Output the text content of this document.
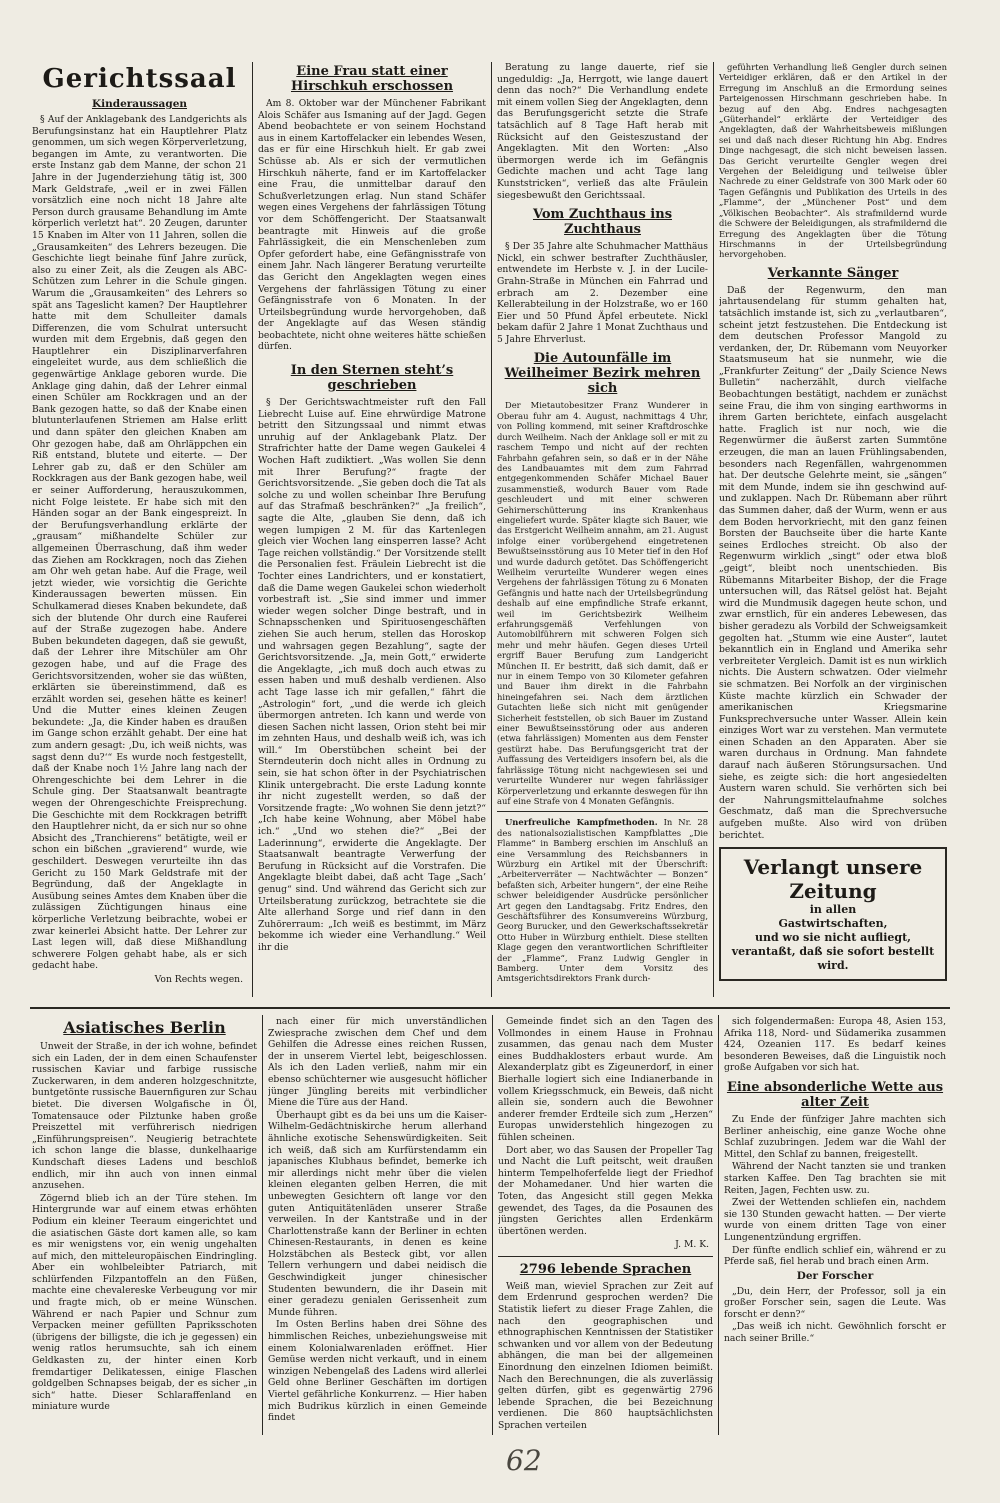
Gerichtssaal
Kinderaussagen

§ Auf der Anklagebank des Landgerichts als Berufungsinstanz hat ein Hauptlehrer Platz genommen, um sich wegen Körperverletzung, begangen im Amte, zu verantworten. Die erste Instanz gab dem Manne, der schon 21 Jahre in der Jugenderziehung tätig ist, 300 Mark Geldstrafe, „weil er in zwei Fällen vorsätzlich eine noch nicht 18 Jahre alte Person durch grausame Behandlung im Amte körperlich verletzt hat“. 20 Zeugen, darunter 15 Knaben im Alter von 11 Jahren, sollen die „Grausamkeiten“ des Lehrers bezeugen. Die Geschichte liegt beinahe fünf Jahre zurück, also zu einer Zeit, als die Zeugen als ABC-Schützen zum Lehrer in die Schule gingen. Warum die „Grausamkeiten“ des Lehrers so spät ans Tageslicht kamen? Der Hauptlehrer hatte mit dem Schulleiter damals Differenzen, die vom Schulrat untersucht wurden mit dem Ergebnis, daß gegen den Hauptlehrer ein Disziplinarverfahren eingeleitet wurde, aus dem schließlich die gegenwärtige Anklage geboren wurde. Die Anklage ging dahin, daß der Lehrer einmal einen Schüler am Rockkragen und an der Bank gezogen hatte, so daß der Knabe einen blutunterlaufenen Striemen am Halse erlitt und dann später den gleichen Knaben am Ohr gezogen habe, daß am Ohrläppchen ein Riß entstand, blutete und eiterte. — Der Lehrer gab zu, daß er den Schüler am Rockkragen aus der Bank gezogen habe, weil er seiner Aufforderung, herauszukommen, nicht Folge leistete. Er habe sich mit den Händen sogar an der Bank eingespreizt. In der Berufungsverhandlung erklärte der „grausam“ mißhandelte Schüler zur allgemeinen Überraschung, daß ihm weder das Ziehen am Rockkragen, noch das Ziehen am Ohr weh getan habe. Auf die Frage, weil jetzt wieder, wie vorsichtig die Gerichte Kinderaussagen bewerten müssen. Ein Schulkamerad dieses Knaben bekundete, daß sich der blutende Ohr durch eine Rauferei auf der Straße zugezogen habe. Andere Buben bekundeten dagegen, daß sie gewußt, daß der Lehrer ihre Mitschüler am Ohr gezogen habe, und auf die Frage des Gerichtsvorsitzenden, woher sie das wüßten, erklärten sie übereinstimmend, daß es erzählt worden sei, gesehen hätte es keiner! Und die Mutter eines kleinen Zeugen bekundete: „Ja, die Kinder haben es draußen im Gange schon erzählt gehabt. Der eine hat zum andern gesagt: ‚Du, ich weiß nichts, was sagst denn du?‘“ Es wurde noch festgestellt, daß der Knabe noch 1½ Jahre lang nach der Ohrengeschichte bei dem Lehrer in die Schule ging. Der Staatsanwalt beantragte wegen der Ohrengeschichte Freisprechung. Die Geschichte mit dem Rockkragen betrifft den Hauptlehrer nicht, da er sich nur so ohne Absicht des „Tranchierens“ betätigte, weil er schon ein bißchen „gravierend“ wurde, wie geschildert. Deswegen verurteilte ihn das Gericht zu 150 Mark Geldstrafe mit der Begründung, daß der Angeklagte in Ausübung seines Amtes dem Knaben über die zulässigen Züchtigungen hinaus eine körperliche Verletzung beibrachte, wobei er zwar keinerlei Absicht hatte. Der Lehrer zur Last legen will, daß diese Mißhandlung schwerere Folgen gehabt habe, als er sich gedacht habe.

Von Rechts wegen.
Eine Frau statt einer Hirschkuh erschossen

Am 8. Oktober war der Münchener Fabrikant Alois Schäfer aus Ismaning auf der Jagd. Gegen Abend beobachtete er von seinem Hochstand aus in einem Kartoffelacker ein lebendes Wesen, das er für eine Hirschkuh hielt. Er gab zwei Schüsse ab. Als er sich der vermutlichen Hirschkuh näherte, fand er im Kartoffelacker eine Frau, die unmittelbar darauf den Schußverletzungen erlag. Nun stand Schäfer wegen eines Vergehens der fahrlässigen Tötung vor dem Schöffengericht. Der Staatsanwalt beantragte mit Hinweis auf die große Fahrlässigkeit, die ein Menschenleben zum Opfer gefordert habe, eine Gefängnisstrafe von einem Jahr. Nach längerer Beratung verurteilte das Gericht den Angeklagten wegen eines Vergehens der fahrlässigen Tötung zu einer Gefängnisstrafe von 6 Monaten. In der Urteilsbegründung wurde hervorgehoben, daß der Angeklagte auf das Wesen ständig beobachtete, nicht ohne weiteres hätte schießen dürfen.

In den Sternen steht’s geschrieben

§ Der Gerichtswachtmeister ruft den Fall Liebrecht Luise auf. Eine ehrwürdige Matrone betritt den Sitzungssaal und nimmt etwas unruhig auf der Anklagebank Platz. Der Strafrichter hatte der Dame wegen Gaukelei 4 Wochen Haft zudiktiert. „Was wollen Sie denn mit Ihrer Berufung?“ fragte der Gerichtsvorsitzende. „Sie geben doch die Tat als solche zu und wollen scheinbar Ihre Berufung auf das Strafmaß beschränken?“ „Ja freilich“, sagte die Alte, „glauben Sie denn, daß ich wegen lumpigen 2 M. für das Kartenlegen gleich vier Wochen lang einsperren lasse? Acht Tage reichen vollständig.“ Der Vorsitzende stellt die Personalien fest. Fräulein Liebrecht ist die Tochter eines Landrichters, und er konstatiert, daß die Dame wegen Gaukelei schon wiederholt vorbestraft ist. „Sie sind immer und immer wieder wegen solcher Dinge bestraft, und in Schnapsschenken und Spirituosengeschäften ziehen Sie auch herum, stellen das Horoskop und wahrsagen gegen Bezahlung“, sagte der Gerichtsvorsitzende. „Ja, mein Gott,“ erwiderte die Angeklagte, „ich muß doch auch etwas zu essen haben und muß deshalb verdienen. Also acht Tage lasse ich mir gefallen,“ fährt die „Astrologin“ fort, „und die werde ich gleich übermorgen antreten. Ich kann und werde von diesen Sachen nicht lassen, Orion steht bei mir im zehnten Haus, und deshalb weiß ich, was ich will.“ Im Oberstübchen scheint bei der Sterndeuterin doch nicht alles in Ordnung zu sein, sie hat schon öfter in der Psychiatrischen Klinik untergebracht. Die erste Ladung konnte ihr nicht zugestellt werden, so daß der Vorsitzende fragte: „Wo wohnen Sie denn jetzt?“ „Ich habe keine Wohnung, aber Möbel habe ich.“ „Und wo stehen die?“ „Bei der Laderinnung“, erwiderte die Angeklagte. Der Staatsanwalt beantragte Verwerfung der Berufung in Rücksicht auf die Vorstrafen. Die Angeklagte bleibt dabei, daß acht Tage „Sach’ genug“ sind. Und während das Gericht sich zur Urteilsberatung zurückzog, betrachtete sie die Alte allerhand Sorge und rief dann in den Zuhörerraum: „Ich weiß es bestimmt, im März bekomme ich wieder eine Verhandlung.“ Weil ihr die

Beratung zu lange dauerte, rief sie ungeduldig: „Ja, Herrgott, wie lange dauert denn das noch?“ Die Verhandlung endete mit einem vollen Sieg der Angeklagten, denn das Berufungsgericht setzte die Strafe tatsächlich auf 8 Tage Haft herab mit Rücksicht auf den Geisteszustand der Angeklagten. Mit den Worten: „Also übermorgen werde ich im Gefängnis Gedichte machen und acht Tage lang Kunststricken“, verließ das alte Fräulein siegesbewußt den Gerichtssaal.

Vom Zuchthaus ins Zuchthaus

§ Der 35 Jahre alte Schuhmacher Matthäus Nickl, ein schwer bestrafter Zuchthäusler, entwendete im Herbste v. J. in der Lucile-Grahn-Straße in München ein Fahrrad und erbrach am 2. Dezember eine Kellerabteilung in der Holzstraße, wo er 160 Eier und 50 Pfund Äpfel erbeutete. Nickl bekam dafür 2 Jahre 1 Monat Zuchthaus und 5 Jahre Ehrverlust.

Die Autounfälle im Weilheimer Bezirk mehren sich

Der Mietautobesitzer Franz Wunderer in Oberau fuhr am 4. August, nachmittags 4 Uhr, von Polling kommend, mit seiner Kraftdroschke durch Weilheim. Nach der Anklage soll er mit zu raschem Tempo und nicht auf der rechten Fahrbahn gefahren sein, so daß er in der Nähe des Landbauamtes mit dem zum Fahrrad entgegenkommenden Schäfer Michael Bauer zusammenstieß, wodurch Bauer vom Rade geschleudert und mit einer schweren Gehirnerschütterung ins Krankenhaus eingeliefert wurde. Später klagte sich Bauer, wie das Erstgericht Weilheim annahm, am 21. August infolge einer vorübergehend eingetretenen Bewußtseinsstörung aus 10 Meter tief in den Hof und wurde dadurch getötet. Das Schöffengericht Weilheim verurteilte Wunderer wegen eines Vergehens der fahrlässigen Tötung zu 6 Monaten Gefängnis und hatte nach der Urteilsbegründung deshalb auf eine empfindliche Strafe erkannt, weil im Gerichtsbezirk Weilheim erfahrungsgemäß Verfehlungen von Automobilführern mit schweren Folgen sich mehr und mehr häufen. Gegen dieses Urteil ergriff Bauer Berufung zum Landgericht München II. Er bestritt, daß sich damit, daß er nur in einem Tempo von 30 Kilometer gefahren und Bauer ihm direkt in die Fahrbahn hineingefahren sei. Nach dem ärztlichen Gutachten ließe sich nicht mit genügender Sicherheit feststellen, ob sich Bauer im Zustand einer Bewußtseinsstörung oder aus anderen (etwa fahrlässigen) Momenten aus dem Fenster gestürzt habe. Das Berufungsgericht trat der Auffassung des Verteidigers insofern bei, als die fahrlässige Tötung nicht nachgewiesen sei und verurteilte Wunderer nur wegen fahrlässiger Körperverletzung und erkannte deswegen für ihn auf eine Strafe von 4 Monaten Gefängnis.

Unerfreuliche Kampfmethoden. In Nr. 28 des nationalsozialistischen Kampfblattes „Die Flamme“ in Bamberg erschien im Anschluß an eine Versammlung des Reichsbanners in Würzburg ein Artikel mit der Überschrift: „Arbeiterverräter — Nachtwächter — Bonzen“ befaßten sich, Arbeiter hungern“, der eine Reihe schwer beleidigender Ausdrücke persönlicher Art gegen den Landtagsabg. Fritz Endres, den Geschäftsführer des Konsumvereins Würzburg, Georg Burucker, und den Gewerkschaftssekretär Otto Huber in Würzburg enthielt. Diese stellten Klage gegen den verantwortlichen Schriftleiter der „Flamme“, Franz Ludwig Gengler in Bamberg. Unter dem Vorsitz des Amtsgerichtsdirektors Frank durch-

geführten Verhandlung ließ Gengler durch seinen Verteidiger erklären, daß er den Artikel in der Erregung im Anschluß an die Ermordung seines Parteigenossen Hirschmann geschrieben habe. In bezug auf den Abg. Endres nachgesagten „Güterhandel“ erklärte der Verteidiger des Angeklagten, daß der Wahrheitsbeweis mißlungen sei und daß nach dieser Richtung hin Abg. Endres Dinge nachgesagt, die sich nicht beweisen lassen. Das Gericht verurteilte Gengler wegen drei Vergehen der Beleidigung und teilweise übler Nachrede zu einer Geldstrafe von 300 Mark oder 60 Tagen Gefängnis und Publikation des Urteils in des „Flamme“, der „Münchener Post“ und dem „Völkischen Beobachter“. Als strafmildernd wurde die Schwere der Beleidigungen, als strafmildernd die Erregung des Angeklagten über die Tötung Hirschmanns in der Urteilsbegründung hervorgehoben.

Verkannte Sänger

Daß der Regenwurm, den man jahrtausendelang für stumm gehalten hat, tatsächlich imstande ist, sich zu „verlautbaren“, scheint jetzt festzustehen. Die Entdeckung ist dem deutschen Professor Mangold zu verdanken, der, Dr. Rübemann vom Neuyorker Staatsmuseum hat sie nunmehr, wie die „Frankfurter Zeitung“ der „Daily Science News Bulletin“ nacherzählt, durch vielfache Beobachtungen bestätigt, nachdem er zunächst seine Frau, die ihm von singing earthworms in ihrem Garten berichtete, einfach ausgelacht hatte. Fraglich ist nur noch, wie die Regenwürmer die äußerst zarten Summtöne erzeugen, die man an lauen Frühlingsabenden, besonders nach Regenfällen, wahrgenommen hat. Der deutsche Gelehrte meint, sie „sängen“ mit dem Munde, indem sie ihn geschwind auf- und zuklappen. Nach Dr. Rübemann aber rührt das Summen daher, daß der Wurm, wenn er aus dem Boden hervorkriecht, mit den ganz feinen Borsten der Bauchseite über die harte Kante seines Erdloches streicht. Ob also der Regenwurm wirklich „singt“ oder etwa bloß „geigt“, bleibt noch unentschieden. Bis Rübemanns Mitarbeiter Bishop, der die Frage untersuchen will, das Rätsel gelöst hat. Bejaht wird die Mundmusik dagegen heute schon, und zwar ernstlich, für ein anderes Lebewesen, das bisher geradezu als Vorbild der Schweigsamkeit gegolten hat. „Stumm wie eine Auster“, lautet bekanntlich ein in England und Amerika sehr verbreiteter Vergleich. Damit ist es nun wirklich nichts. Die Austern schwatzen. Oder vielmehr sie schmatzen. Bei Norfolk an der virginischen Küste machte kürzlich ein Schwader der amerikanischen Kriegsmarine Funksprechversuche unter Wasser. Allein kein einziges Wort war zu verstehen. Man vermutete einen Schaden an den Apparaten. Aber sie waren durchaus in Ordnung. Man fahndete darauf nach äußeren Störungsursachen. Und siehe, es zeigte sich: die hort angesiedelten Austern waren schuld. Sie verhörten sich bei der Nahrungsmittelaufnahme solches Geschmatz, daß man die Sprechversuche aufgeben mußte. Also wird von drüben berichtet.

Verlangt unsere Zeitung
in allen
Gastwirtschaften,
und wo sie nicht aufliegt,
verantaßt, daß sie sofort bestellt wird.
Asiatisches Berlin

Unweit der Straße, in der ich wohne, befindet sich ein Laden, der in dem einen Schaufenster russischen Kaviar und farbige russische Zuckerwaren, in dem anderen holzgeschnitzte, buntgetönte russische Bauernfiguren zur Schau bietet. Die diversen Wolgafische in Öl, Tomatensauce oder Pilztunke haben große Preiszettel mit verführerisch niedrigen „Einführungspreisen“. Neugierig betrachtete ich schon lange die blasse, dunkelhaarige Kundschaft dieses Ladens und beschloß endlich, mir ihn auch von innen einmal anzusehen.

Zögernd blieb ich an der Türe stehen. Im Hintergrunde war auf einem etwas erhöhten Podium ein kleiner Teeraum eingerichtet und die asiatischen Gäste dort kamen alle, so kam es mir wenigstens vor, ein wenig ungehalten auf mich, den mitteleuropäischen Eindringling. Aber ein wohlbeleibter Patriarch, mit schlürfenden Filzpantoffeln an den Füßen, machte eine chevalereske Verbeugung vor mir und fragte mich, ob er meine Wünschen. Während er nach Papier und Schnur zum Verpacken meiner gefüllten Papriksschoten (übrigens der billigste, die ich je gegessen) ein wenig ratlos herumsuchte, sah ich einem Geldkasten zu, der hinter einen Korb fremdartiger Delikatessen, einige Flaschen goldgelben Schnapses beigab, der es sicher „in sich“ hatte. Dieser Schlaraffenland en miniature wurde

nach einer für mich unverständlichen Zwiesprache zwischen dem Chef und dem Gehilfen die Adresse eines reichen Russen, der in unserem Viertel lebt, beigeschlossen. Als ich den Laden verließ, nahm mir ein ebenso schüchterner wie ausgesucht höflicher jünger Jüngling bereits mit verbindlicher Miene die Türe aus der Hand.

Überhaupt gibt es da bei uns um die Kaiser-Wilhelm-Gedächtniskirche herum allerhand ähnliche exotische Sehenswürdigkeiten. Seit ich weiß, daß sich am Kurfürstendamm ein japanisches Klubhaus befindet, bemerke ich mir allerdings nicht mehr über die vielen kleinen eleganten gelben Herren, die mit unbewegten Gesichtern oft lange vor den guten Antiquitätenläden unserer Straße verweilen. In der Kantstraße und in der Charlottenstraße kann der Berliner in echten Chinesen-Restaurants, in denen es keine Holzstäbchen als Besteck gibt, vor allen Tellern verhungern und dabei neidisch die Geschwindigkeit junger chinesischer Studenten bewundern, die ihr Dasein mit einer geradezu genialen Gerissenheit zum Munde führen.

Im Osten Berlins haben drei Söhne des himmlischen Reiches, unbeziehungsweise mit einem Kolonialwarenladen eröffnet. Hier Gemüse werden nicht verkauft, und in einem winzigen Nebengelaß des Ladens wird allerlei Geld ohne Berliner Geschäften im dortigen Viertel gefährliche Konkurrenz. — Hier haben mich Budrikus kürzlich in einen Gemeinde findet

Gemeinde findet sich an den Tagen des Vollmondes in einem Hause in Frohnau zusammen, das genau nach dem Muster eines Buddhaklosters erbaut wurde. Am Alexanderplatz gibt es Zigeunerdorf, in einer Bierhalle logiert sich eine Indianerbande in vollem Kriegsschmuck, ein Beweis, daß nicht allein sie, sondern auch die Bewohner anderer fremder Erdteile sich zum „Herzen“ Europas unwiderstehlich hingezogen zu fühlen scheinen.

Dort aber, wo das Sausen der Propeller Tag und Nacht die Luft peitscht, weit draußen hinterm Tempelhoferfelde liegt der Friedhof der Mohamedaner. Und hier warten die Toten, das Angesicht still gegen Mekka gewendet, des Tages, da die Posaunen des jüngsten Gerichtes allen Erdenkärm übertönen werden.

J. M. K.
2796 lebende Sprachen

Weiß man, wieviel Sprachen zur Zeit auf dem Erdenrund gesprochen werden? Die Statistik liefert zu dieser Frage Zahlen, die nach den geographischen und ethnographischen Kenntnissen der Statistiker schwanken und vor allem von der Bedeutung abhängen, die man bei der allgemeinen Einordnung den einzelnen Idiomen beimißt. Nach den Berechnungen, die als zuverlässig gelten dürfen, gibt es gegenwärtig 2796 lebende Sprachen, die bei Bezeichnung verdienen. Die 860 hauptsächlichsten Sprachen verteilen

sich folgendermaßen: Europa 48, Asien 153, Afrika 118, Nord- und Südamerika zusammen 424, Ozeanien 117. Es bedarf keines besonderen Beweises, daß die Linguistik noch große Aufgaben vor sich hat.

Eine absonderliche Wette aus alter Zeit

Zu Ende der fünfziger Jahre machten sich Berliner anheischig, eine ganze Woche ohne Schlaf zuzubringen. Jedem war die Wahl der Mittel, den Schlaf zu bannen, freigestellt.

Während der Nacht tanzten sie und tranken starken Kaffee. Den Tag brachten sie mit Reiten, Jagen, Fechten usw. zu.

Zwei der Wettenden schliefen ein, nachdem sie 130 Stunden gewacht hatten. — Der vierte wurde von einem dritten Tage von einer Lungenentzündung ergriffen.

Der fünfte endlich schlief ein, während er zu Pferde saß, fiel herab und brach einen Arm.

Der Forscher

„Du, dein Herr, der Professor, soll ja ein großer Forscher sein, sagen die Leute. Was forscht er denn?“

„Das weiß ich nicht. Gewöhnlich forscht er nach seiner Brille.“

62
